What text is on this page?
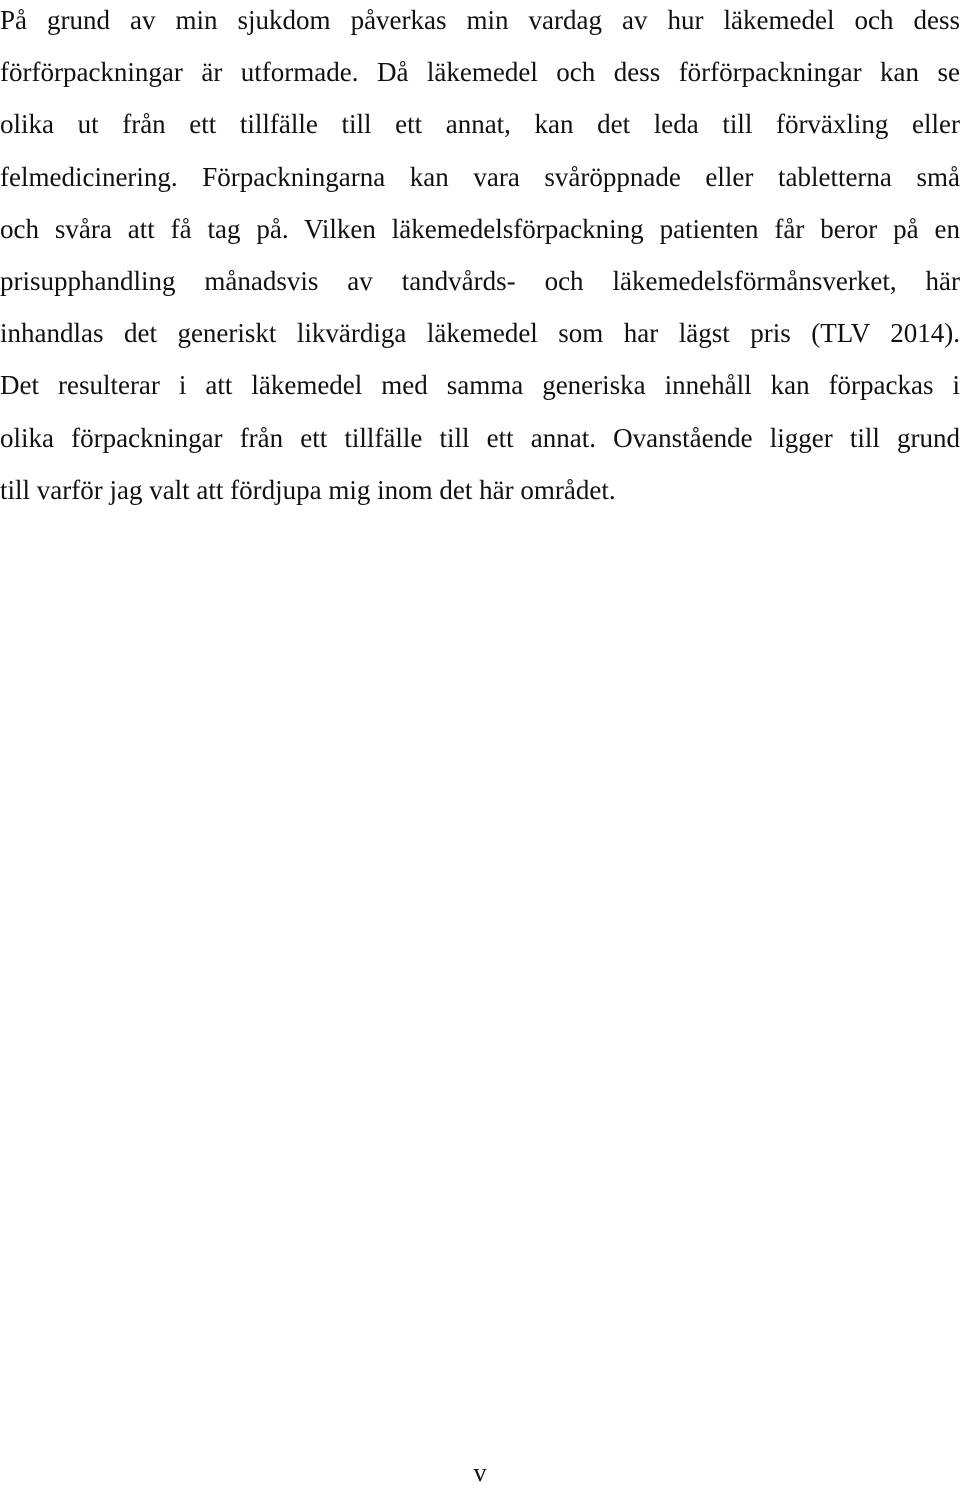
På grund av min sjukdom påverkas min vardag av hur läkemedel och dess
förförpackningar är utformade. Då läkemedel och dess förförpackningar kan se
olika ut från ett tillfälle till ett annat, kan det leda till förväxling eller
felmedicinering. Förpackningarna kan vara svåröppnade eller tabletterna små
och svåra att få tag på. Vilken läkemedelsförpackning patienten får beror på en
prisupphandling månadsvis av tandvårds- och läkemedelsförmånsverket, här
inhandlas det generiskt likvärdiga läkemedel som har lägst pris (TLV 2014).
Det resulterar i att läkemedel med samma generiska innehåll kan förpackas i
olika förpackningar från ett tillfälle till ett annat. Ovanstående ligger till grund
till varför jag valt att fördjupa mig inom det här området.
v
